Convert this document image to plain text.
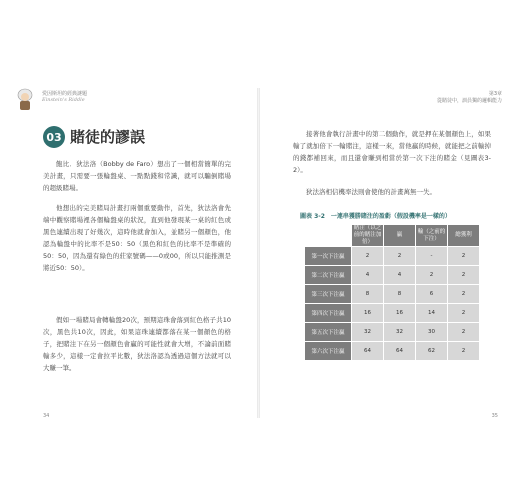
愛因斯坦的經典謎題
Einstein's Riddle
03 賭徒的謬誤

飽比．狄法洛（Bobby de Faro）想出了一個相當簡單的完美計畫，只需要一張輪盤桌、一點點錢和常識，就可以騙倒賭場的超級賭場。

他想出的完美賭局計畫打兩個重要動作，首先，狄法洛會先端中觀察賭場裡各個輪盤桌的狀況，直到他發現某一桌的紅色或黑色連續出現了好幾次，這時他就會加入，並賭另一個顏色，他認為輪盤中的比率不是50：50（黑色和紅色的比率不是準確的50：50，因為還有綠色的莊家號碼——0或00，所以只能推測是將近50：50）。

假如一場賭局會轉輪盤20次，預期這珠會落到紅色格子共10次，黑色共10次，因此，如果這珠連續都落在某一個顏色的格子，把賭注下在另一個顏色會贏的可能性就會大增，不論前面賭輸多少，這樣一定會拉平比數，狄法洛認為透過這個方法就可以大賺一筆。

34
第3章
從賭徒中，訓員獨的邏輯能力

接著他會執行計畫中的第二個動作，就是押在某個顏色上，如果輸了就加倍下一輪賭注，這樣一來，當他贏的時候，就能把之前輸掉的錢都補回來，而且還會賺到相當於第一次下注的賭金（見圖表3-2）。

狄法洛相信機率法則會使他的計畫萬無一失。

圖表 3-2　一連串獲勝賭注的盈虧（假設機率是一樣的）
	賭注（以之前的賭注加倍）	贏	輸（之前的下注）	總獲利
第一次下注贏	2	2	-	2
第二次下注贏	4	4	2	2
第三次下注贏	8	8	6	2
第四次下注贏	16	16	14	2
第五次下注贏	32	32	30	2
第六次下注贏	64	64	62	2
35
